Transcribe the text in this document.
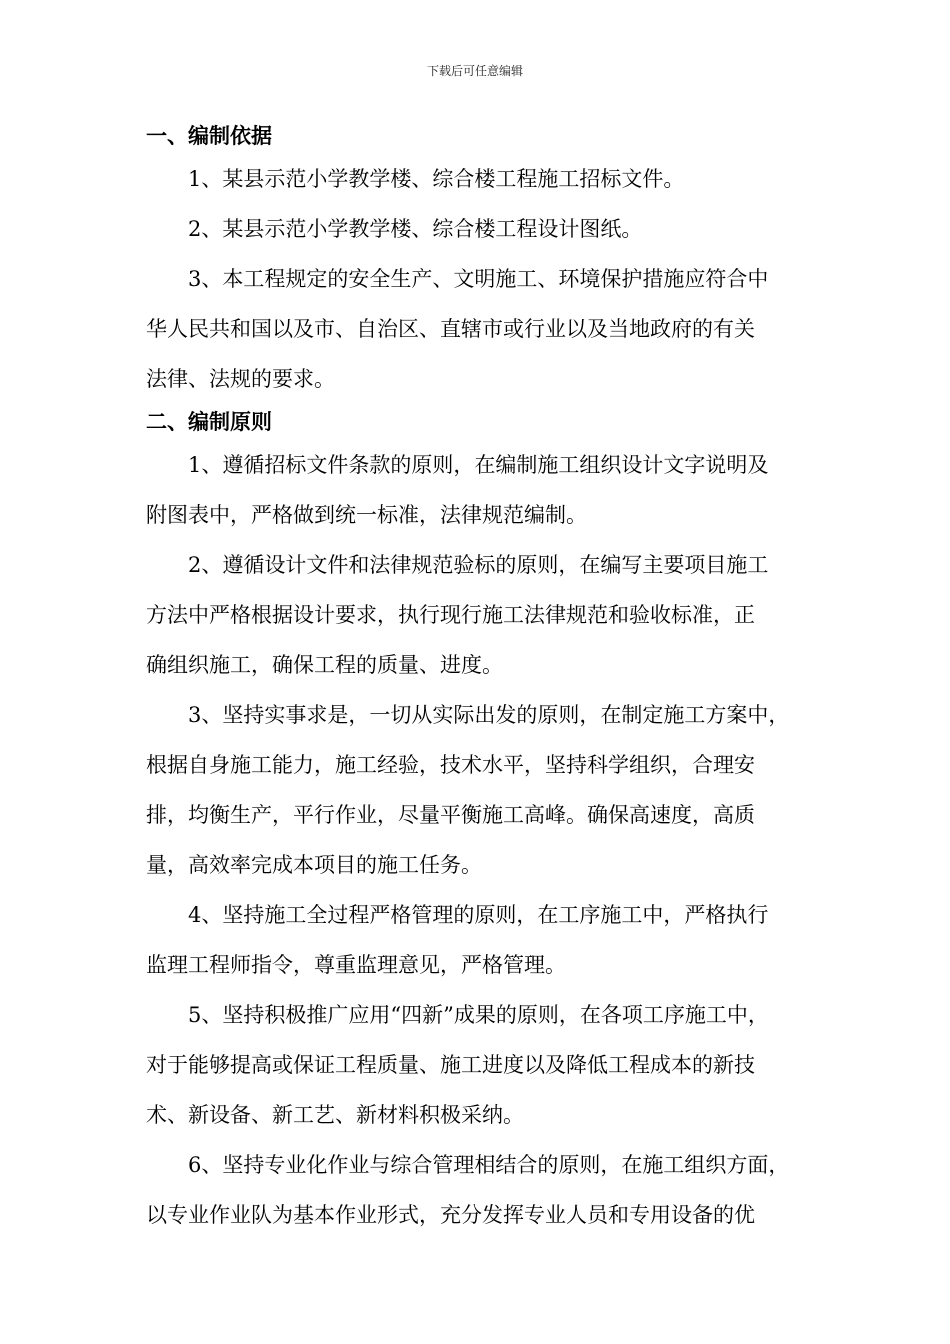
下载后可任意编辑
一、编制依据

1、某县示范小学教学楼、综合楼工程施工招标文件。

2、某县示范小学教学楼、综合楼工程设计图纸。

3、本工程规定的安全生产、文明施工、环境保护措施应符合中
华人民共和国以及市、自治区、直辖市或行业以及当地政府的有关
法律、法规的要求。

二、编制原则

1、遵循招标文件条款的原则，在编制施工组织设计文字说明及
附图表中，严格做到统一标准，法律规范编制。

2、遵循设计文件和法律规范验标的原则，在编写主要项目施工
方法中严格根据设计要求，执行现行施工法律规范和验收标准，正
确组织施工，确保工程的质量、进度。

3、坚持实事求是，一切从实际出发的原则，在制定施工方案中，
根据自身施工能力，施工经验，技术水平，坚持科学组织，合理安
排，均衡生产，平行作业，尽量平衡施工高峰。确保高速度，高质
量，高效率完成本项目的施工任务。

4、坚持施工全过程严格管理的原则，在工序施工中，严格执行
监理工程师指令，尊重监理意见，严格管理。

5、坚持积极推广应用“四新”成果的原则，在各项工序施工中，
对于能够提高或保证工程质量、施工进度以及降低工程成本的新技
术、新设备、新工艺、新材料积极采纳。

6、坚持专业化作业与综合管理相结合的原则，在施工组织方面，
以专业作业队为基本作业形式，充分发挥专业人员和专用设备的优
